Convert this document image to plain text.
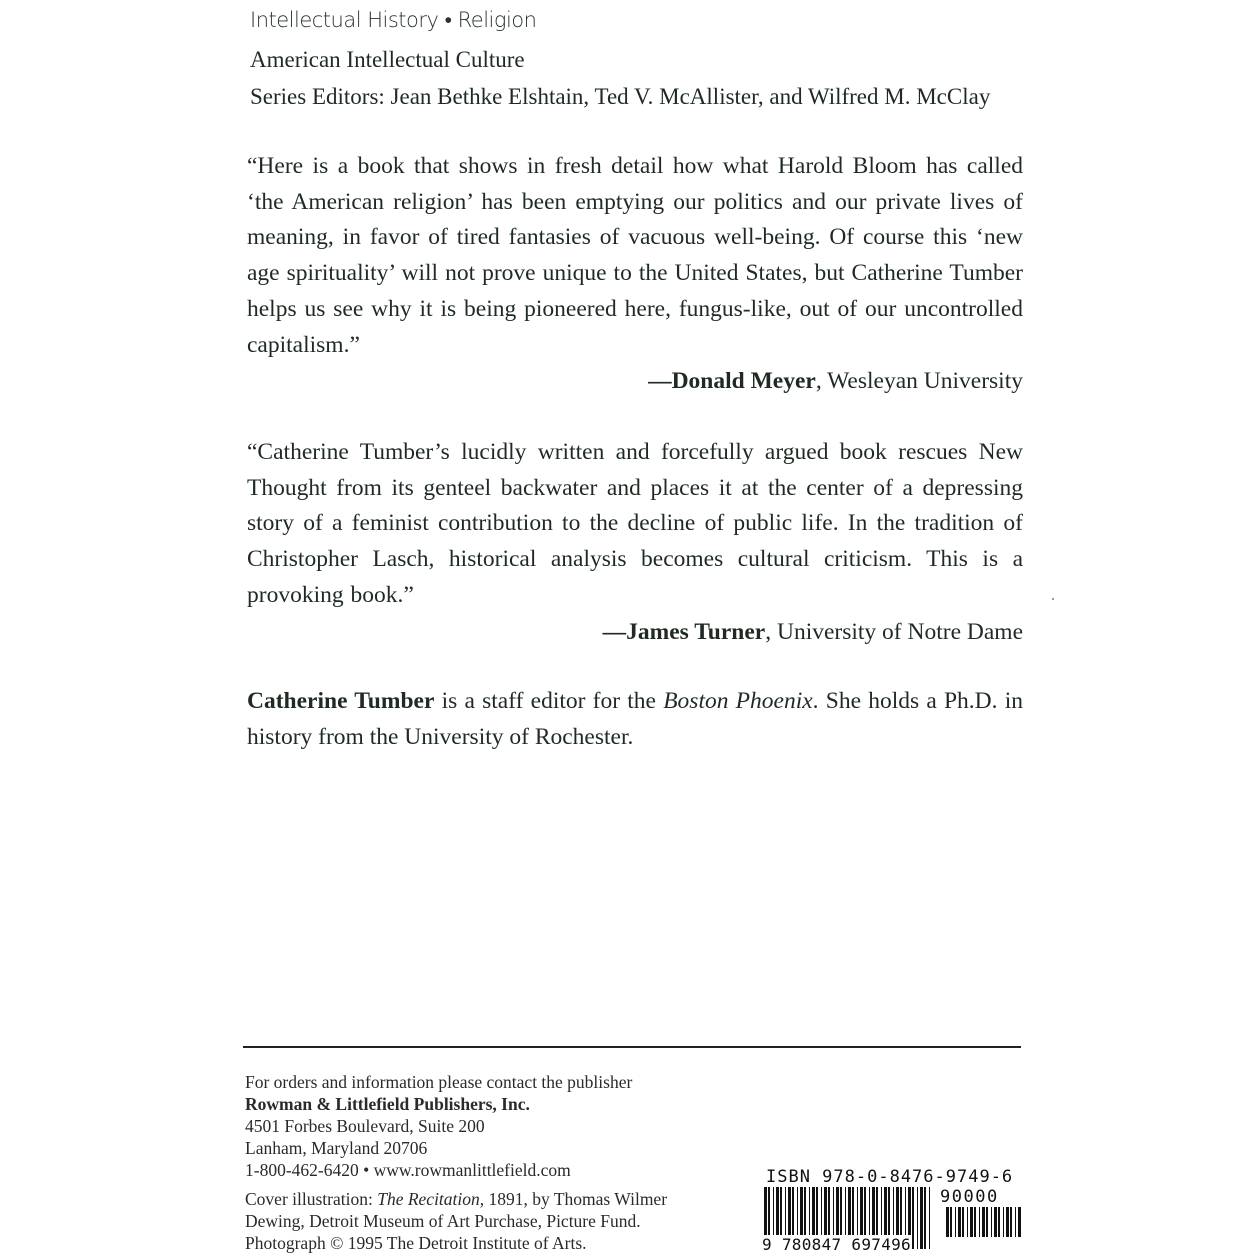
Intellectual History • Religion
American Intellectual Culture
Series Editors: Jean Bethke Elshtain, Ted V. McAllister, and Wilfred M. McClay

“Here is a book that shows in fresh detail how what Harold Bloom has called ‘the American religion’ has been emptying our politics and our private lives of meaning, in favor of tired fantasies of vacuous well-being. Of course this ‘new age spirituality’ will not prove unique to the United States, but Catherine Tumber helps us see why it is being pioneered here, fungus-like, out of our uncontrolled capitalism.”

—Donald Meyer, Wesleyan University

“Catherine Tumber’s lucidly written and forcefully argued book rescues New Thought from its genteel backwater and places it at the center of a depressing story of a feminist contribution to the decline of public life. In the tradition of Christopher Lasch, historical analysis becomes cultural criticism. This is a provoking book.”

—James Turner, University of Notre Dame

Catherine Tumber is a staff editor for the Boston Phoenix. She holds a Ph.D. in history from the University of Rochester.

For orders and information please contact the publisher
Rowman & Littlefield Publishers, Inc.
4501 Forbes Boulevard, Suite 200
Lanham, Maryland 20706
1-800-462-6420 • www.rowmanlittlefield.com
Cover illustration: The Recitation, 1891, by Thomas Wilmer
Dewing, Detroit Museum of Art Purchase, Picture Fund.
Photograph © 1995 The Detroit Institute of Arts.
ISBN 978-0-8476-9749-6
90000
9 780847 697496
